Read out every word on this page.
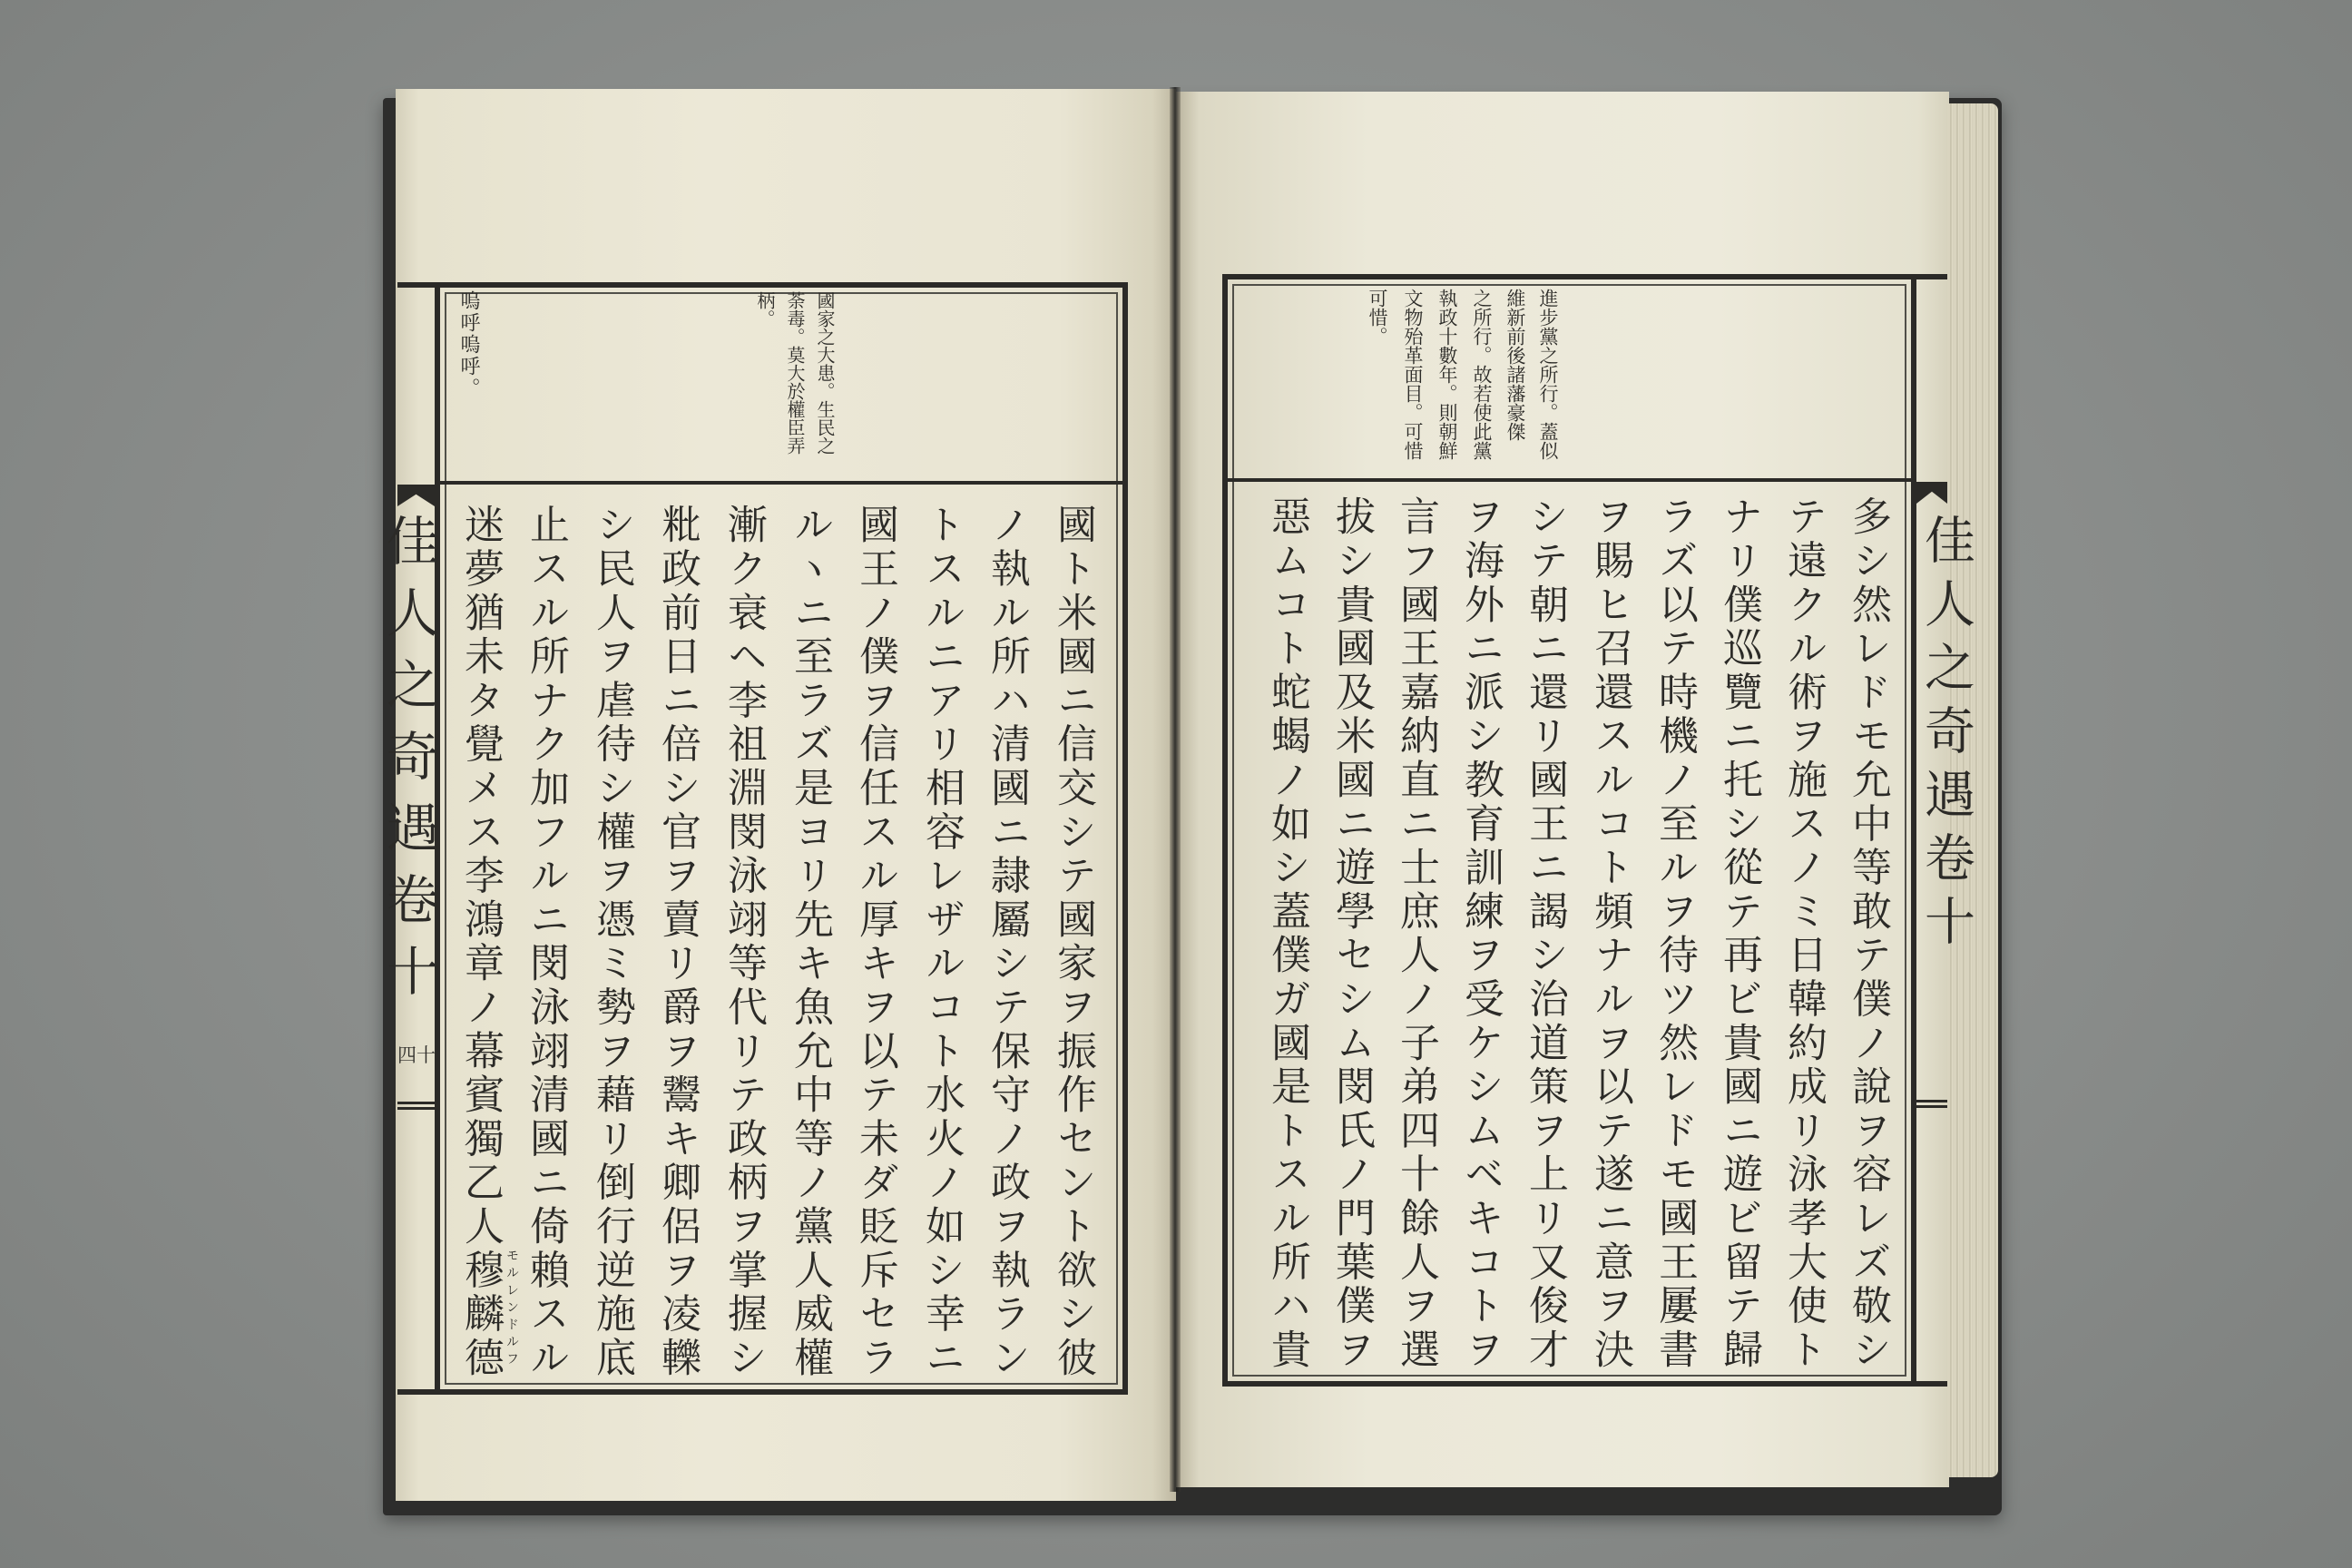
佳人之奇遇卷十
進步黨之所行。蓋似
維新前後諸藩豪傑
之所行。故若使此黨
執政十數年。則朝鮮
文物殆革面目。可惜
可惜。
多シ然レドモ允中等敢テ僕ノ說ヲ容レズ敬シ
テ遠クル術ヲ施スノミ日韓約成リ泳孝大使ト
ナリ僕巡覽ニ托シ從テ再ビ貴國ニ遊ビ留テ歸
ラズ以テ時機ノ至ルヲ待ツ然レドモ國王屢書
ヲ賜ヒ召還スルコト頻ナルヲ以テ遂ニ意ヲ決
シテ朝ニ還リ國王ニ謁シ治道策ヲ上リ又俊才
ヲ海外ニ派シ教育訓練ヲ受ケシムベキコトヲ
言フ國王嘉納直ニ士庶人ノ子弟四十餘人ヲ選
拔シ貴國及米國ニ遊學セシム閔氏ノ門葉僕ヲ
惡ムコト蛇蝎ノ如シ蓋僕ガ國是トスル所ハ貴
佳人之奇遇卷十
四十
國家之大患。生民之
荼毒。莫大於權臣弄
柄。
嗚呼嗚呼。
國ト米國ニ信交シテ國家ヲ振作セント欲シ彼
ノ執ル所ハ清國ニ隷屬シテ保守ノ政ヲ執ラン
トスルニアリ相容レザルコト水火ノ如シ幸ニ
國王ノ僕ヲ信任スル厚キヲ以テ未ダ貶斥セラ
ルヽニ至ラズ是ヨリ先キ魚允中等ノ黨人威權
漸ク衰ヘ李祖淵閔泳翊等代リテ政柄ヲ掌握シ
粃政前日ニ倍シ官ヲ賣リ爵ヲ鬻キ卿侶ヲ凌轢
シ民人ヲ虐待シ權ヲ憑ミ勢ヲ藉リ倒行逆施底
止スル所ナク加フルニ閔泳翊清國ニ倚賴スル
迷夢猶未タ覺メス李鴻章ノ幕賓獨乙人穆麟德 モルレンドルフ
